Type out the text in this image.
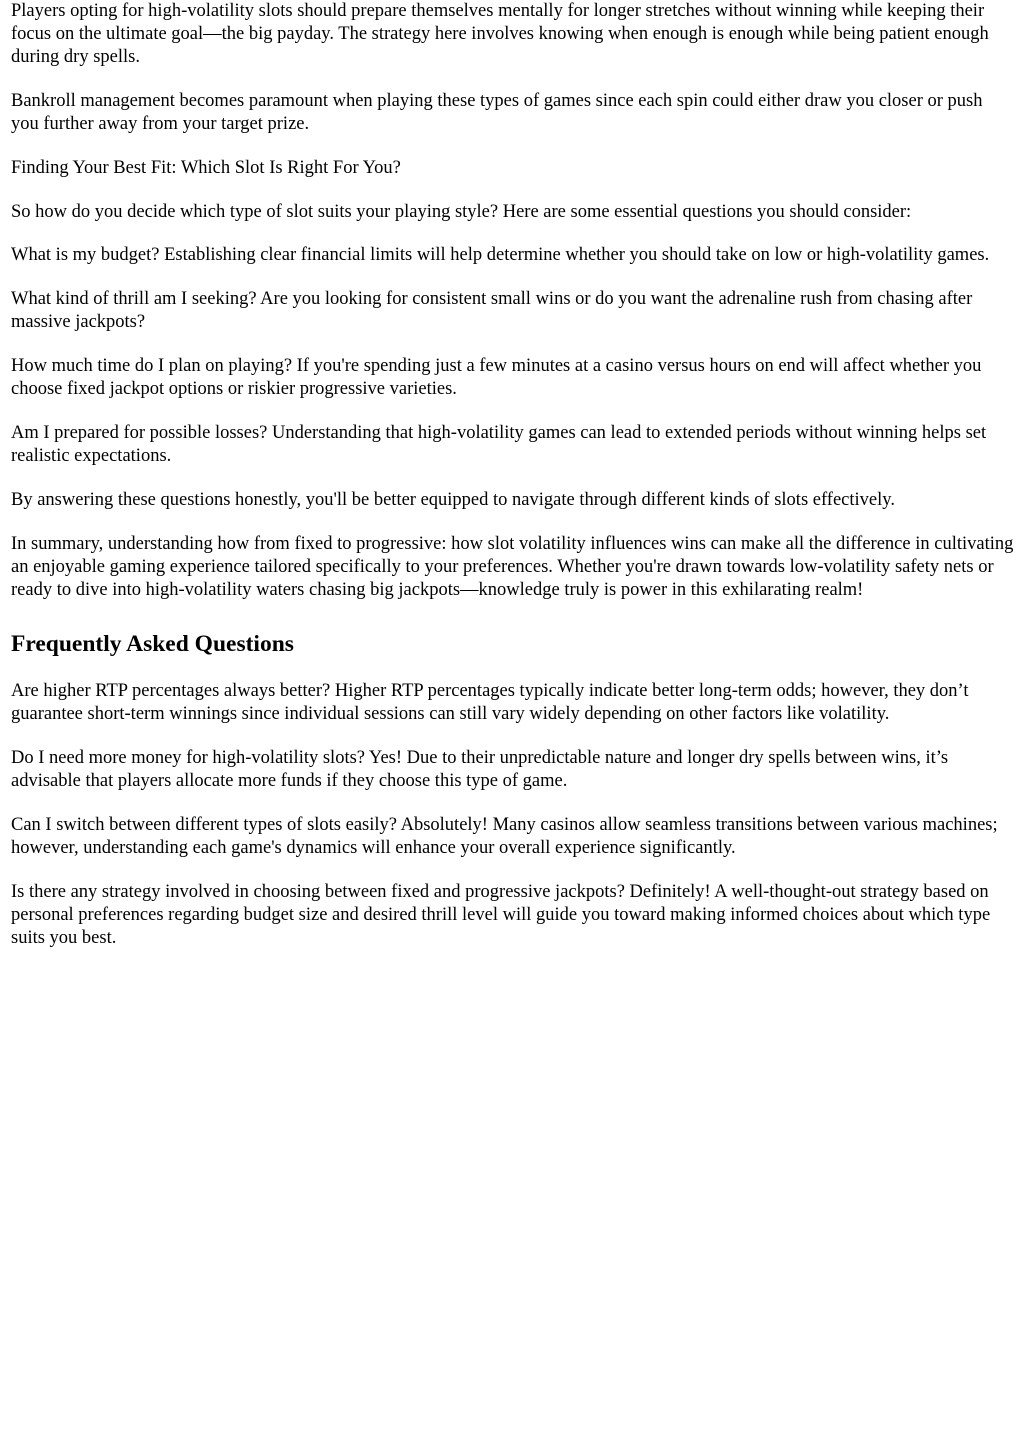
Players opting for high-volatility slots should prepare themselves mentally for longer stretches without winning while keeping their focus on the ultimate goal—the big payday. The strategy here involves knowing when enough is enough while being patient enough during dry spells.

Bankroll management becomes paramount when playing these types of games since each spin could either draw you closer or push you further away from your target prize.

Finding Your Best Fit: Which Slot Is Right For You?

So how do you decide which type of slot suits your playing style? Here are some essential questions you should consider:

What is my budget? Establishing clear financial limits will help determine whether you should take on low or high-volatility games.

What kind of thrill am I seeking? Are you looking for consistent small wins or do you want the adrenaline rush from chasing after massive jackpots?

How much time do I plan on playing? If you're spending just a few minutes at a casino versus hours on end will affect whether you choose fixed jackpot options or riskier progressive varieties.

Am I prepared for possible losses? Understanding that high-volatility games can lead to extended periods without winning helps set realistic expectations.

By answering these questions honestly, you'll be better equipped to navigate through different kinds of slots effectively.

In summary, understanding how from fixed to progressive: how slot volatility influences wins can make all the difference in cultivating an enjoyable gaming experience tailored specifically to your preferences. Whether you're drawn towards low-volatility safety nets or ready to dive into high-volatility waters chasing big jackpots—knowledge truly is power in this exhilarating realm!

Frequently Asked Questions

Are higher RTP percentages always better? Higher RTP percentages typically indicate better long-term odds; however, they don’t guarantee short-term winnings since individual sessions can still vary widely depending on other factors like volatility.

Do I need more money for high-volatility slots? Yes! Due to their unpredictable nature and longer dry spells between wins, it’s advisable that players allocate more funds if they choose this type of game.

Can I switch between different types of slots easily? Absolutely! Many casinos allow seamless transitions between various machines; however, understanding each game's dynamics will enhance your overall experience significantly.

Is there any strategy involved in choosing between fixed and progressive jackpots? Definitely! A well-thought-out strategy based on personal preferences regarding budget size and desired thrill level will guide you toward making informed choices about which type suits you best.
